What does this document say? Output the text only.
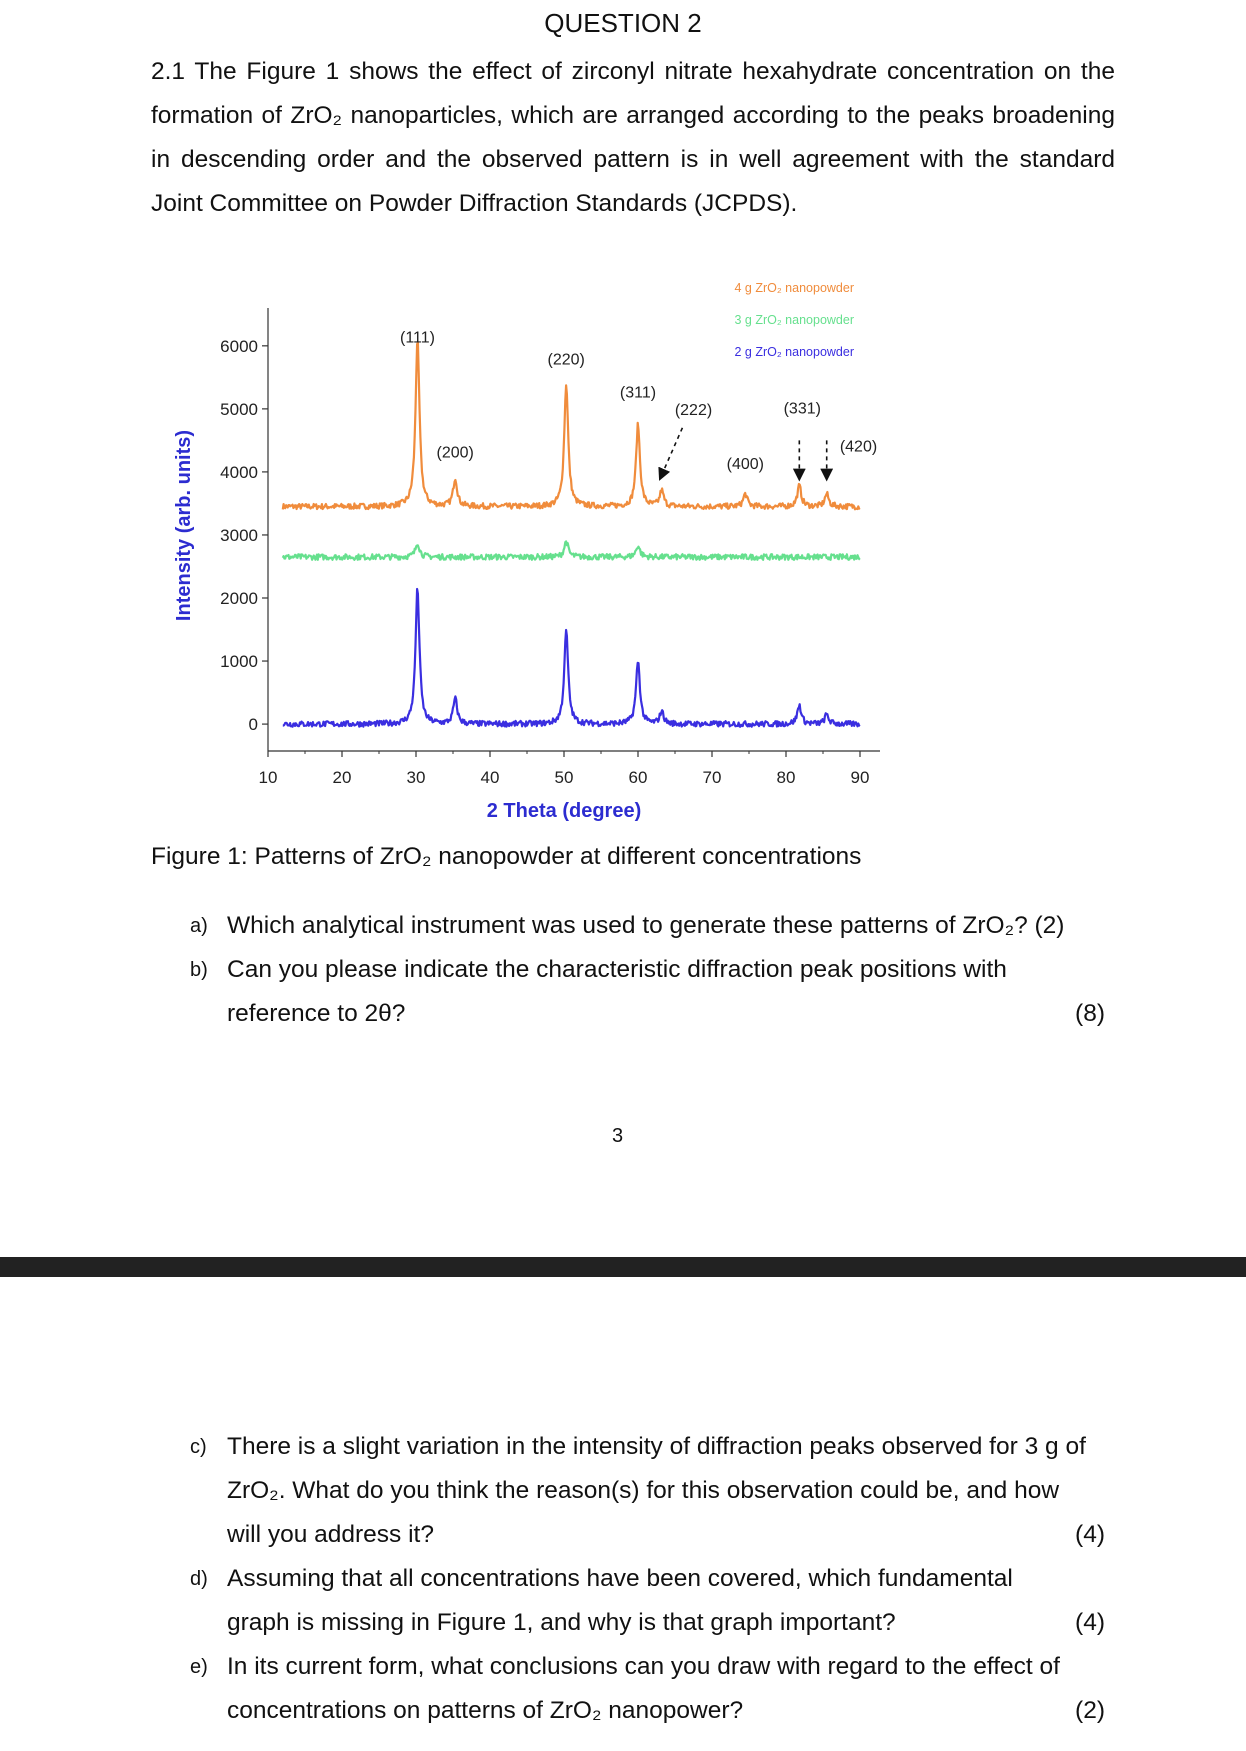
QUESTION 2
2.1 The Figure 1 shows the effect of zirconyl nitrate hexahydrate concentration on the formation of ZrO₂ nanoparticles, which are arranged according to the peaks broadening in descending order and the observed pattern is in well agreement with the standard Joint Committee on Powder Diffraction Standards (JCPDS).
0
1000
2000
3000
4000
5000
6000
10	20	30	40	50	60	70	80	90
2 Theta (degree)
Intensity (arb. units)
(111)
(200)
(220)
(311)
(222)
(400)
(331)
(420)
4 g ZrO₂ nanopowder
3 g ZrO₂ nanopowder
2 g ZrO₂ nanopowder
Figure 1: Patterns of ZrO₂ nanopowder at different concentrations
a) Which analytical instrument was used to generate these patterns of ZrO₂? (2)
b) Can you please indicate the characteristic diffraction peak positions with reference to 2θ?	(8)
3
c) There is a slight variation in the intensity of diffraction peaks observed for 3 g of ZrO₂. What do you think the reason(s) for this observation could be, and how will you address it?	(4)
d) Assuming that all concentrations have been covered, which fundamental graph is missing in Figure 1, and why is that graph important?	(4)
e) In its current form, what conclusions can you draw with regard to the effect of concentrations on patterns of ZrO₂ nanopower?	(2)
